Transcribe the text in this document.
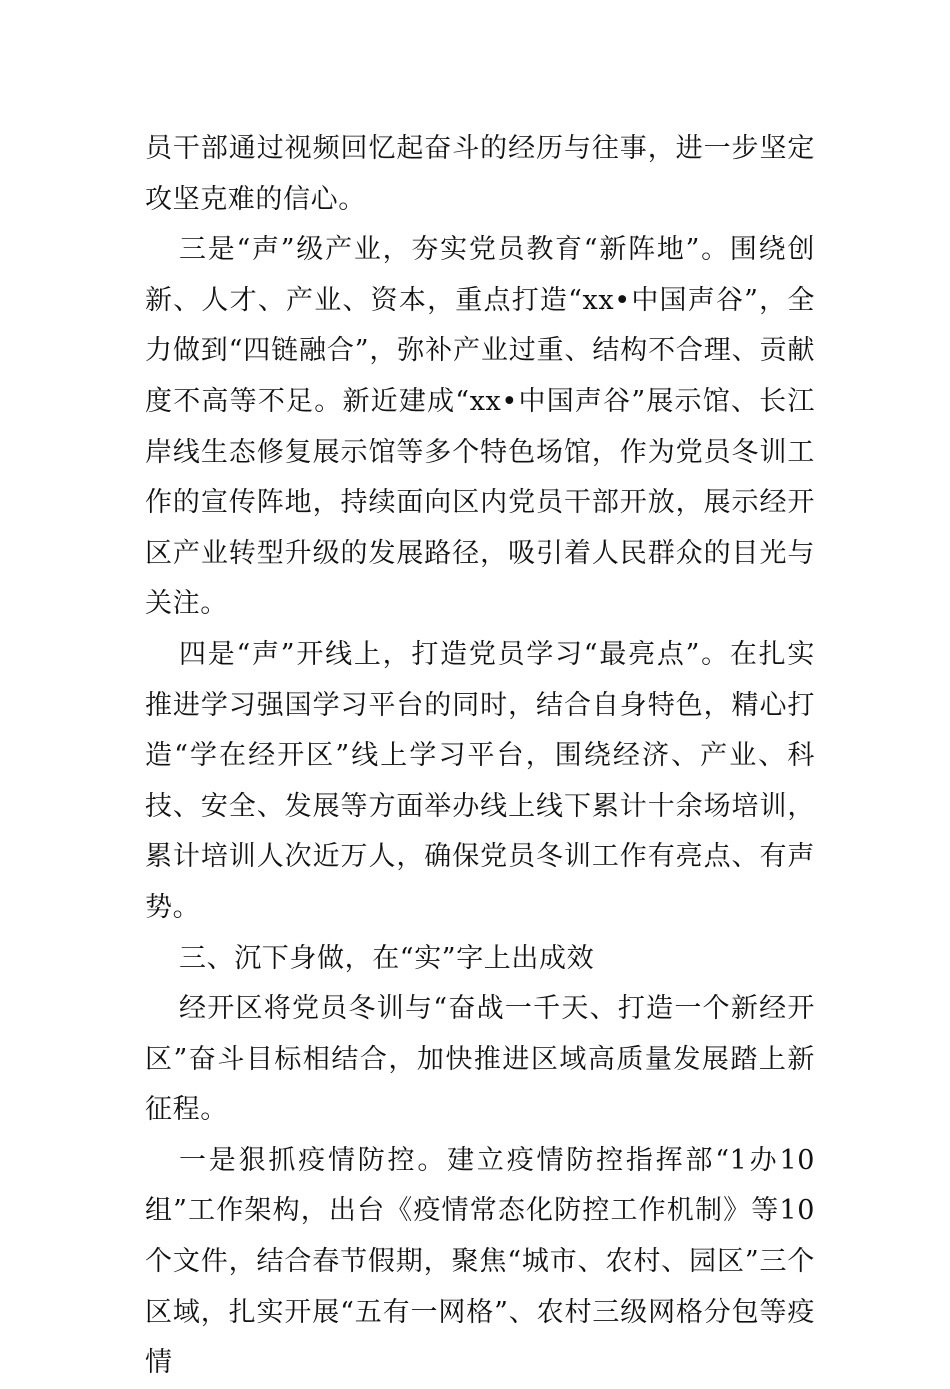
员干部通过视频回忆起奋斗的经历与往事，进一步坚定攻坚克难的信心。

三是“声”级产业，夯实党员教育“新阵地”。围绕创新、人才、产业、资本，重点打造“xx•中国声谷”，全力做到“四链融合”，弥补产业过重、结构不合理、贡献度不高等不足。新近建成“xx•中国声谷”展示馆、长江岸线生态修复展示馆等多个特色场馆，作为党员冬训工作的宣传阵地，持续面向区内党员干部开放，展示经开区产业转型升级的发展路径，吸引着人民群众的目光与关注。

四是“声”开线上，打造党员学习“最亮点”。在扎实推进学习强国学习平台的同时，结合自身特色，精心打造“学在经开区”线上学习平台，围绕经济、产业、科技、安全、发展等方面举办线上线下累计十余场培训，累计培训人次近万人，确保党员冬训工作有亮点、有声势。

三、沉下身做，在“实”字上出成效

经开区将党员冬训与“奋战一千天、打造一个新经开区”奋斗目标相结合，加快推进区域高质量发展踏上新征程。

一是狠抓疫情防控。建立疫情防控指挥部“1办10组”工作架构，出台《疫情常态化防控工作机制》等10个文件，结合春节假期，聚焦“城市、农村、园区”三个区域，扎实开展“五有一网格”、农村三级网格分包等疫情
